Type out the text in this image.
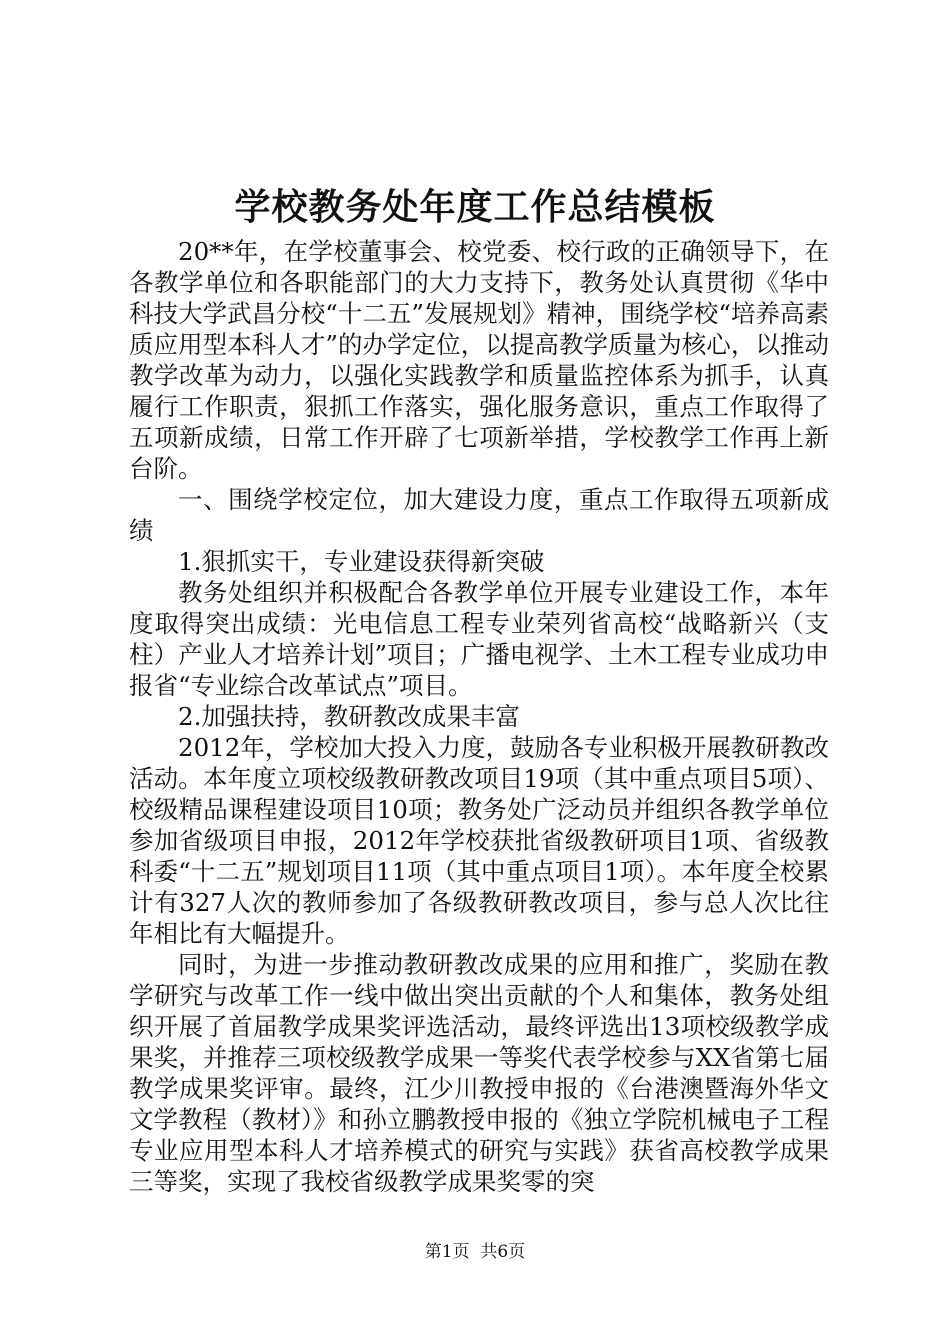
学校教务处年度工作总结模板

20**年，在学校董事会、校党委、校行政的正确领导下，在各教学单位和各职能部门的大力支持下，教务处认真贯彻《华中科技大学武昌分校“十二五”发展规划》精神，围绕学校“培养高素质应用型本科人才”的办学定位，以提高教学质量为核心，以推动教学改革为动力，以强化实践教学和质量监控体系为抓手，认真履行工作职责，狠抓工作落实，强化服务意识，重点工作取得了五项新成绩，日常工作开辟了七项新举措，学校教学工作再上新台阶。

一、围绕学校定位，加大建设力度，重点工作取得五项新成绩

1.狠抓实干，专业建设获得新突破

教务处组织并积极配合各教学单位开展专业建设工作，本年度取得突出成绩：光电信息工程专业荣列省高校“战略新兴（支柱）产业人才培养计划”项目；广播电视学、土木工程专业成功申报省“专业综合改革试点”项目。

2.加强扶持，教研教改成果丰富

2012年，学校加大投入力度，鼓励各专业积极开展教研教改活动。本年度立项校级教研教改项目19项（其中重点项目5项）、校级精品课程建设项目10项；教务处广泛动员并组织各教学单位参加省级项目申报，2012年学校获批省级教研项目1项、省级教科委“十二五”规划项目11项（其中重点项目1项）。本年度全校累计有327人次的教师参加了各级教研教改项目，参与总人次比往年相比有大幅提升。

同时，为进一步推动教研教改成果的应用和推广，奖励在教学研究与改革工作一线中做出突出贡献的个人和集体，教务处组织开展了首届教学成果奖评选活动，最终评选出13项校级教学成果奖，并推荐三项校级教学成果一等奖代表学校参与XX省第七届教学成果奖评审。最终，江少川教授申报的《台港澳暨海外华文文学教程（教材）》和孙立鹏教授申报的《独立学院机械电子工程专业应用型本科人才培养模式的研究与实践》获省高校教学成果三等奖，实现了我校省级教学成果奖零的突

第1页  共6页
